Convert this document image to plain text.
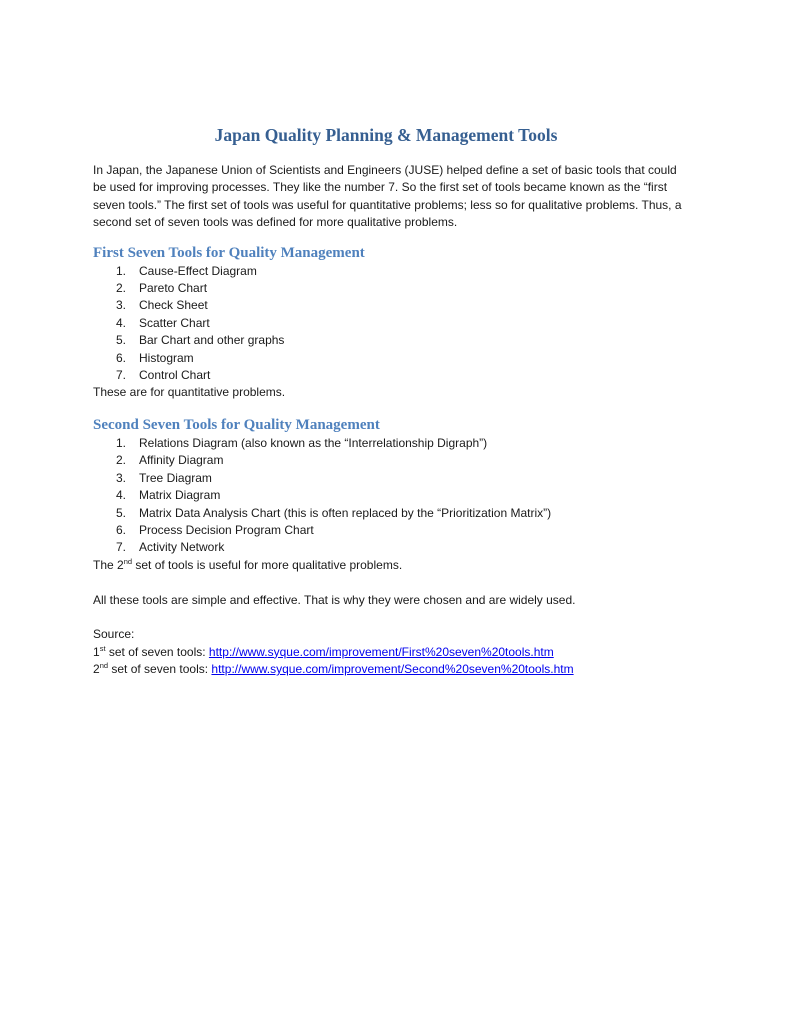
Japan Quality Planning & Management Tools

In Japan, the Japanese Union of Scientists and Engineers (JUSE) helped define a set of basic tools that could be used for improving processes. They like the number 7. So the first set of tools became known as the “first seven tools.” The first set of tools was useful for quantitative problems; less so for qualitative problems. Thus, a second set of seven tools was defined for more qualitative problems.

First Seven Tools for Quality Management
1. Cause-Effect Diagram
2. Pareto Chart
3. Check Sheet
4. Scatter Chart
5. Bar Chart and other graphs
6. Histogram
7. Control Chart

These are for quantitative problems.

Second Seven Tools for Quality Management
1. Relations Diagram (also known as the “Interrelationship Digraph”)
2. Affinity Diagram
3. Tree Diagram
4. Matrix Diagram
5. Matrix Data Analysis Chart (this is often replaced by the “Prioritization Matrix”)
6. Process Decision Program Chart
7. Activity Network

The 2nd set of tools is useful for more qualitative problems.

All these tools are simple and effective. That is why they were chosen and are widely used.

Source:

1st set of seven tools: http://www.syque.com/improvement/First%20seven%20tools.htm

2nd set of seven tools: http://www.syque.com/improvement/Second%20seven%20tools.htm
